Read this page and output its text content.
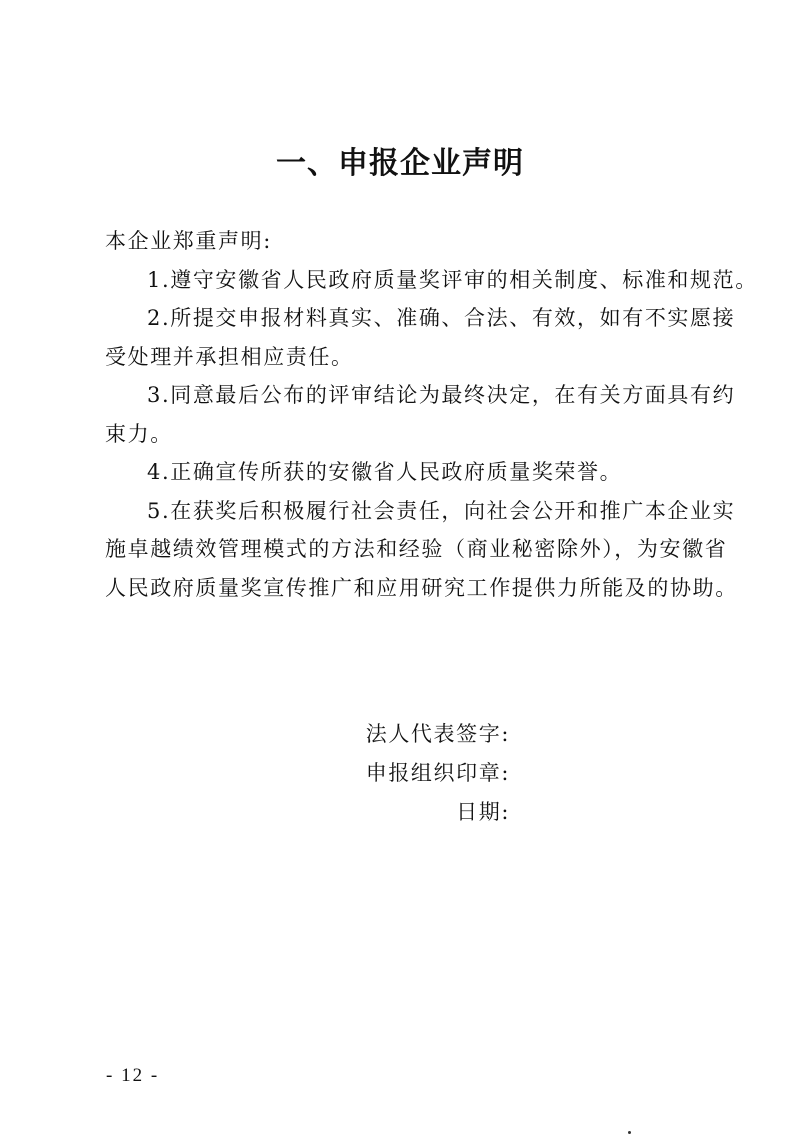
一、申报企业声明
本企业郑重声明:
1.遵守安徽省人民政府质量奖评审的相关制度、标准和规范。
2.所提交申报材料真实、准确、合法、有效，如有不实愿接
受处理并承担相应责任。
3.同意最后公布的评审结论为最终决定，在有关方面具有约
束力。
4.正确宣传所获的安徽省人民政府质量奖荣誉。
5.在获奖后积极履行社会责任，向社会公开和推广本企业实
施卓越绩效管理模式的方法和经验（商业秘密除外），为安徽省
人民政府质量奖宣传推广和应用研究工作提供力所能及的协助。
法人代表签字:
申报组织印章:
日期:
- 12 -
